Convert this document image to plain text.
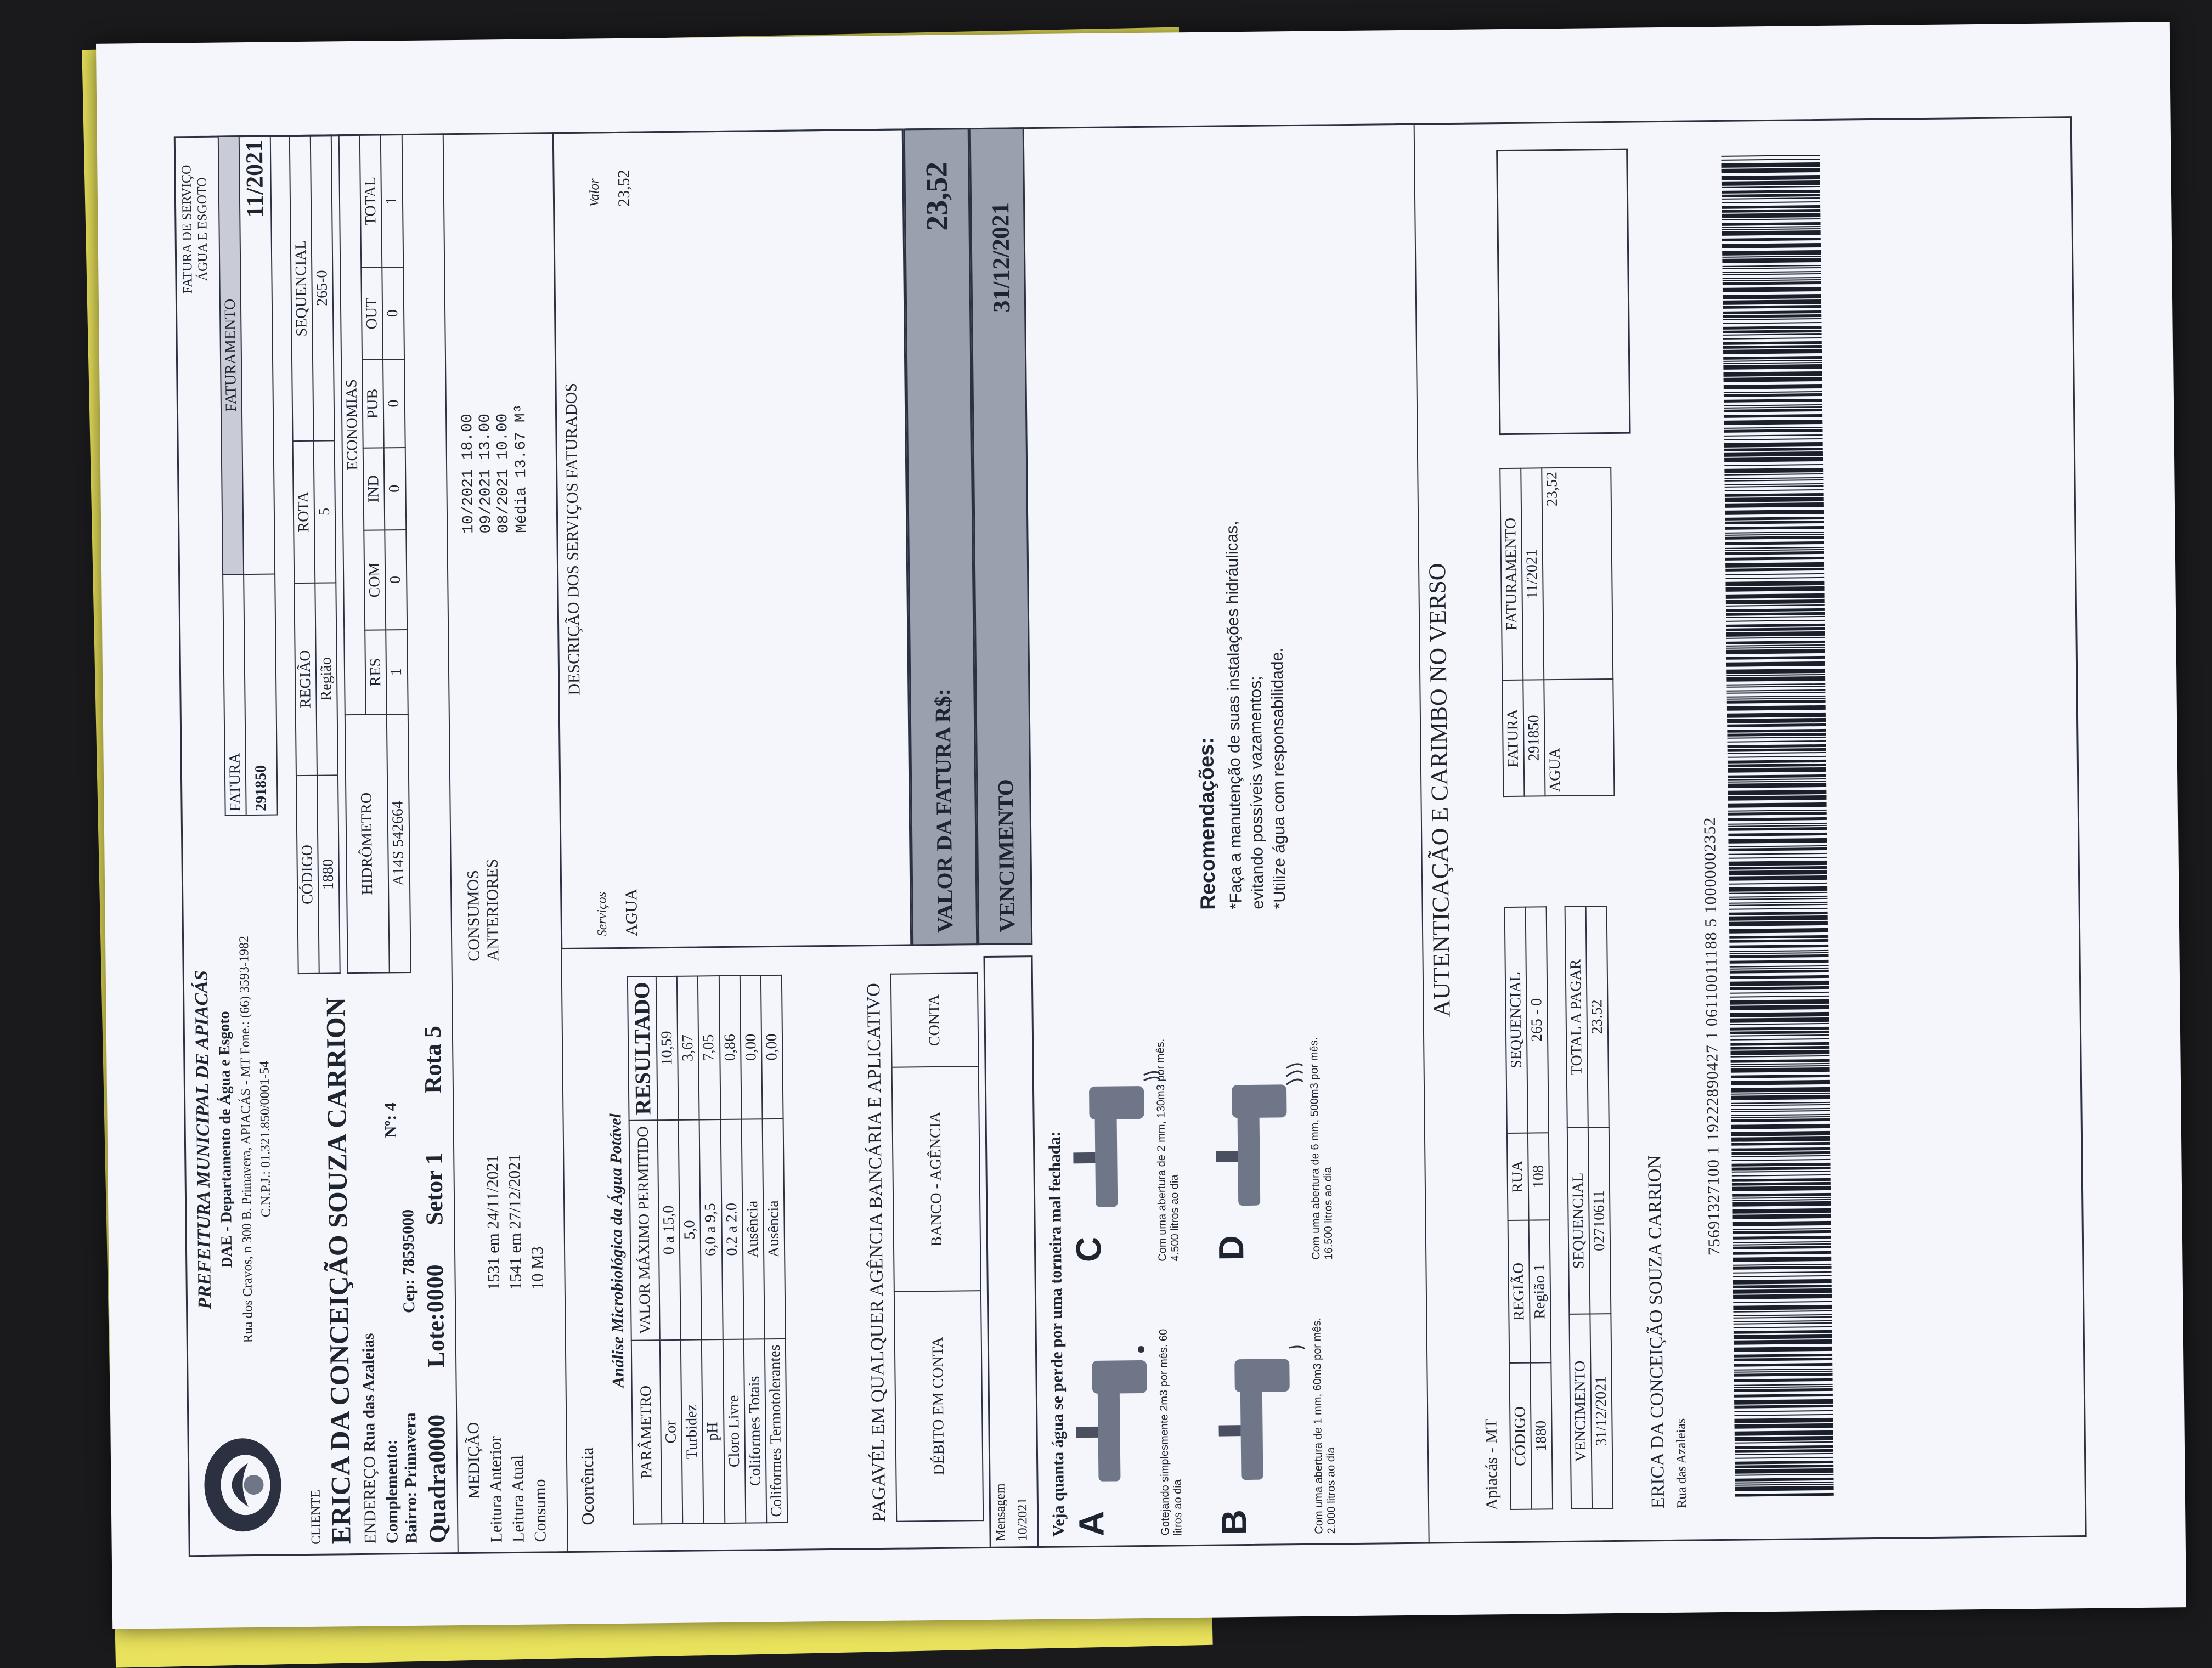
PREFEITURA MUNICIPAL DE APIACÁS DAE - Departamento de Água e Esgoto Rua dos Cravos, n 300 B. Primavera, APIACÁS - MT Fone.: (66) 3593-1982 C.N.P.J.: 01.321.850/0001-54
FATURA DE SERVIÇO ÁGUA E ESGOTO
FATURA	FATURAMENTO
291850	11/2021
CÓDIGO	REGIÃO	ROTA	SEQUENCIAL
1880	Região	5	265-0
HIDRÔMETRO	ECONOMIAS					
	RES	COM	IND	PUB	OUT	TOTAL
A14S 542664	1	0	0	0	0	1
CLIENTE
ERICA DA CONCEIÇÃO SOUZA CARRION ENDEREÇO Rua das Azaleias
Nº: 4
Complemento: Bairro: Primavera
Cep: 78595000
Quadra0000
Lote:0000
Setor 1
Rota 5
MEDIÇÃO Leitura Anterior
1531 em 24/11/2021
Leitura Atual
1541 em 27/12/2021
Consumo
10 M3
CONSUMOS ANTERIORES
10/2021 18.00
09/2021 13.00
08/2021 10.00
Média 13.67 M³
Ocorrência
Análise Microbiológica da Água Potável
PARÂMETRO	VALOR MÁXIMO PERMITIDO	RESULTADO
Cor	0 a 15,0	10,59
Turbidez	5,0	3,67
pH	6,0 a 9,5	7,05
Cloro Livre	0.2 a 2.0	0,86
Coliformes Totais	Ausência	0,00
Coliformes Termotolerantes	Ausência	0,00	PAGAVÉL EM QUALQUER AGÊNCIA BANCÁRIA E APLICATIVO	DÉBITO EM CONTA	BANCO - AGÊNCIA	CONTA
Mensagem 10/2021
DESCRIÇÃO DOS SERVIÇOS FATURADOS
Serviços
Valor
AGUA
23,52
VALOR DA FATURA R$:
23,52
VENCIMENTO
31/12/2021
Veja quanta água se perde por uma torneira mal fechada: A	Gotejando simplesmente 2m3 por mês. 60 litros ao dia B	Com uma abertura de 1 mm, 60m3 por mês. 2.000 litros ao dia
C	Com uma abertura de 2 mm, 130m3 por mês. 4.500 litros ao dia D	Com uma abertura de 6 mm, 500m3 por mês. 16.500 litros ao dia
Recomendações: *Faça a manutenção de suas instalações hidráulicas, evitando possíveis vazamentos; *Utilize água com responsabilidade.	AUTENTICAÇÃO E CARIMBO NO VERSO
Apiacás - MT CÓDIGO	REGIÃO	RUA	SEQUENCIAL
1880	Região 1	108	265 - 0
VENCIMENTO	SEQUENCIAL	TOTAL A PAGAR
31/12/2021	02710611	23.52
FATURA	FATURAMENTO
291850	11/2021
AGUA	23,52
ERICA DA CONCEIÇÃO SOUZA CARRION Rua das Azaleias
75691327100 1 19222890427 1 06110011188 5 10000002352
